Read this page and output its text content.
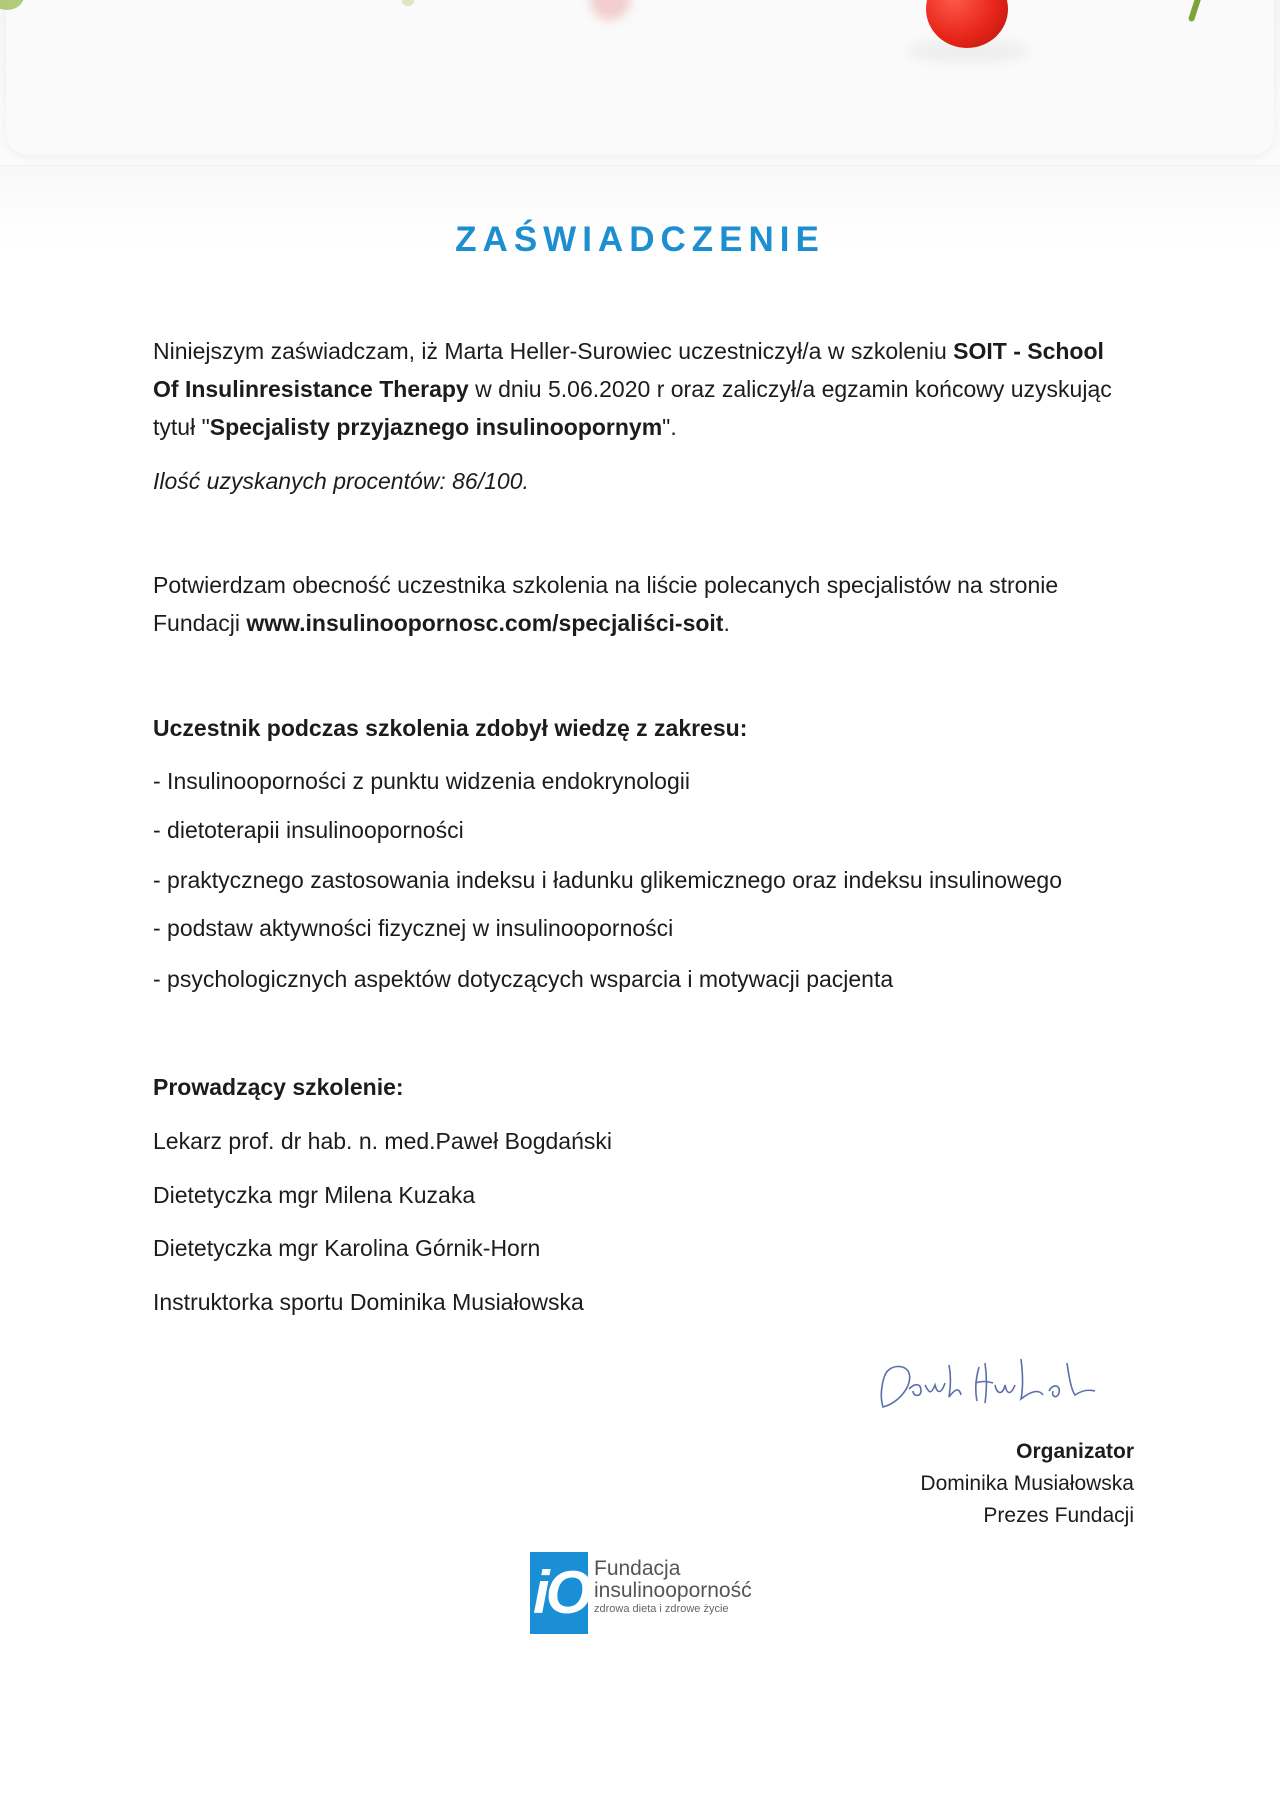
ZAŚWIADCZENIE
Niniejszym zaświadczam, iż Marta Heller-Surowiec uczestniczył/a w szkoleniu SOIT - School
Of Insulinresistance Therapy w dniu 5.06.2020 r oraz zaliczył/a egzamin końcowy uzyskując
tytuł "Specjalisty przyjaznego insulinoopornym".
Ilość uzyskanych procentów: 86/100.
Potwierdzam obecność uczestnika szkolenia na liście polecanych specjalistów na stronie
Fundacji www.insulinoopornosc.com/specjaliści-soit.
Uczestnik podczas szkolenia zdobył wiedzę z zakresu:
- Insulinooporności z punktu widzenia endokrynologii
- dietoterapii insulinooporności
- praktycznego zastosowania indeksu i ładunku glikemicznego oraz indeksu insulinowego
- podstaw aktywności fizycznej w insulinooporności
- psychologicznych aspektów dotyczących wsparcia i motywacji pacjenta
Prowadzący szkolenie:
Lekarz prof. dr hab. n. med.Paweł Bogdański
Dietetyczka mgr Milena Kuzaka
Dietetyczka mgr Karolina Górnik-Horn
Instruktorka sportu Dominika Musiałowska
Organizator
Dominika Musiałowska
Prezes Fundacji
iO Fundacja
insulinooporność
zdrowa dieta i zdrowe życie
